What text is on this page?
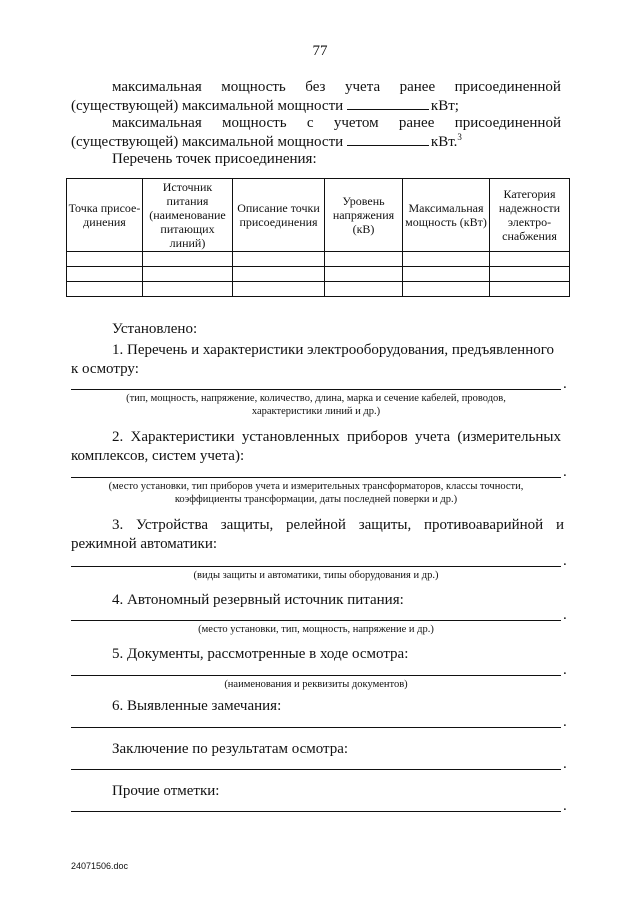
77
максимальная мощность без учета ранее присоединенной
(существующей) максимальной мощности	кВт;
максимальная мощность с учетом ранее присоединенной
(существующей) максимальной мощности	кВт.$^3$
Перечень точек присоединения:
Точка присое-динения	Источник питания (наименование питающих линий)	Описание точки присоединения	Уровень напряжения (кВ)	Максимальная мощность (кВт)	Категория надежности электро-снабжения

Установлено:
1. Перечень и характеристики электрооборудования, предъявленного
к осмотру:
.
(тип, мощность, напряжение, количество, длина, марка и сечение кабелей, проводов,
характеристики линий и др.)
2. Характеристики установленных приборов учета (измерительных
комплексов, систем учета):
.
(место установки, тип приборов учета и измерительных трансформаторов, классы точности,
коэффициенты трансформации, даты последней поверки и др.)
3. Устройства защиты, релейной защиты, противоаварийной и
режимной автоматики:
.
(виды защиты и автоматики, типы оборудования и др.)
4. Автономный резервный источник питания:
.
(место установки, тип, мощность, напряжение и др.)
5. Документы, рассмотренные в ходе осмотра:
.
(наименования и реквизиты документов)
6. Выявленные замечания:
.
Заключение по результатам осмотра:
.
Прочие отметки:
.
24071506.doc
